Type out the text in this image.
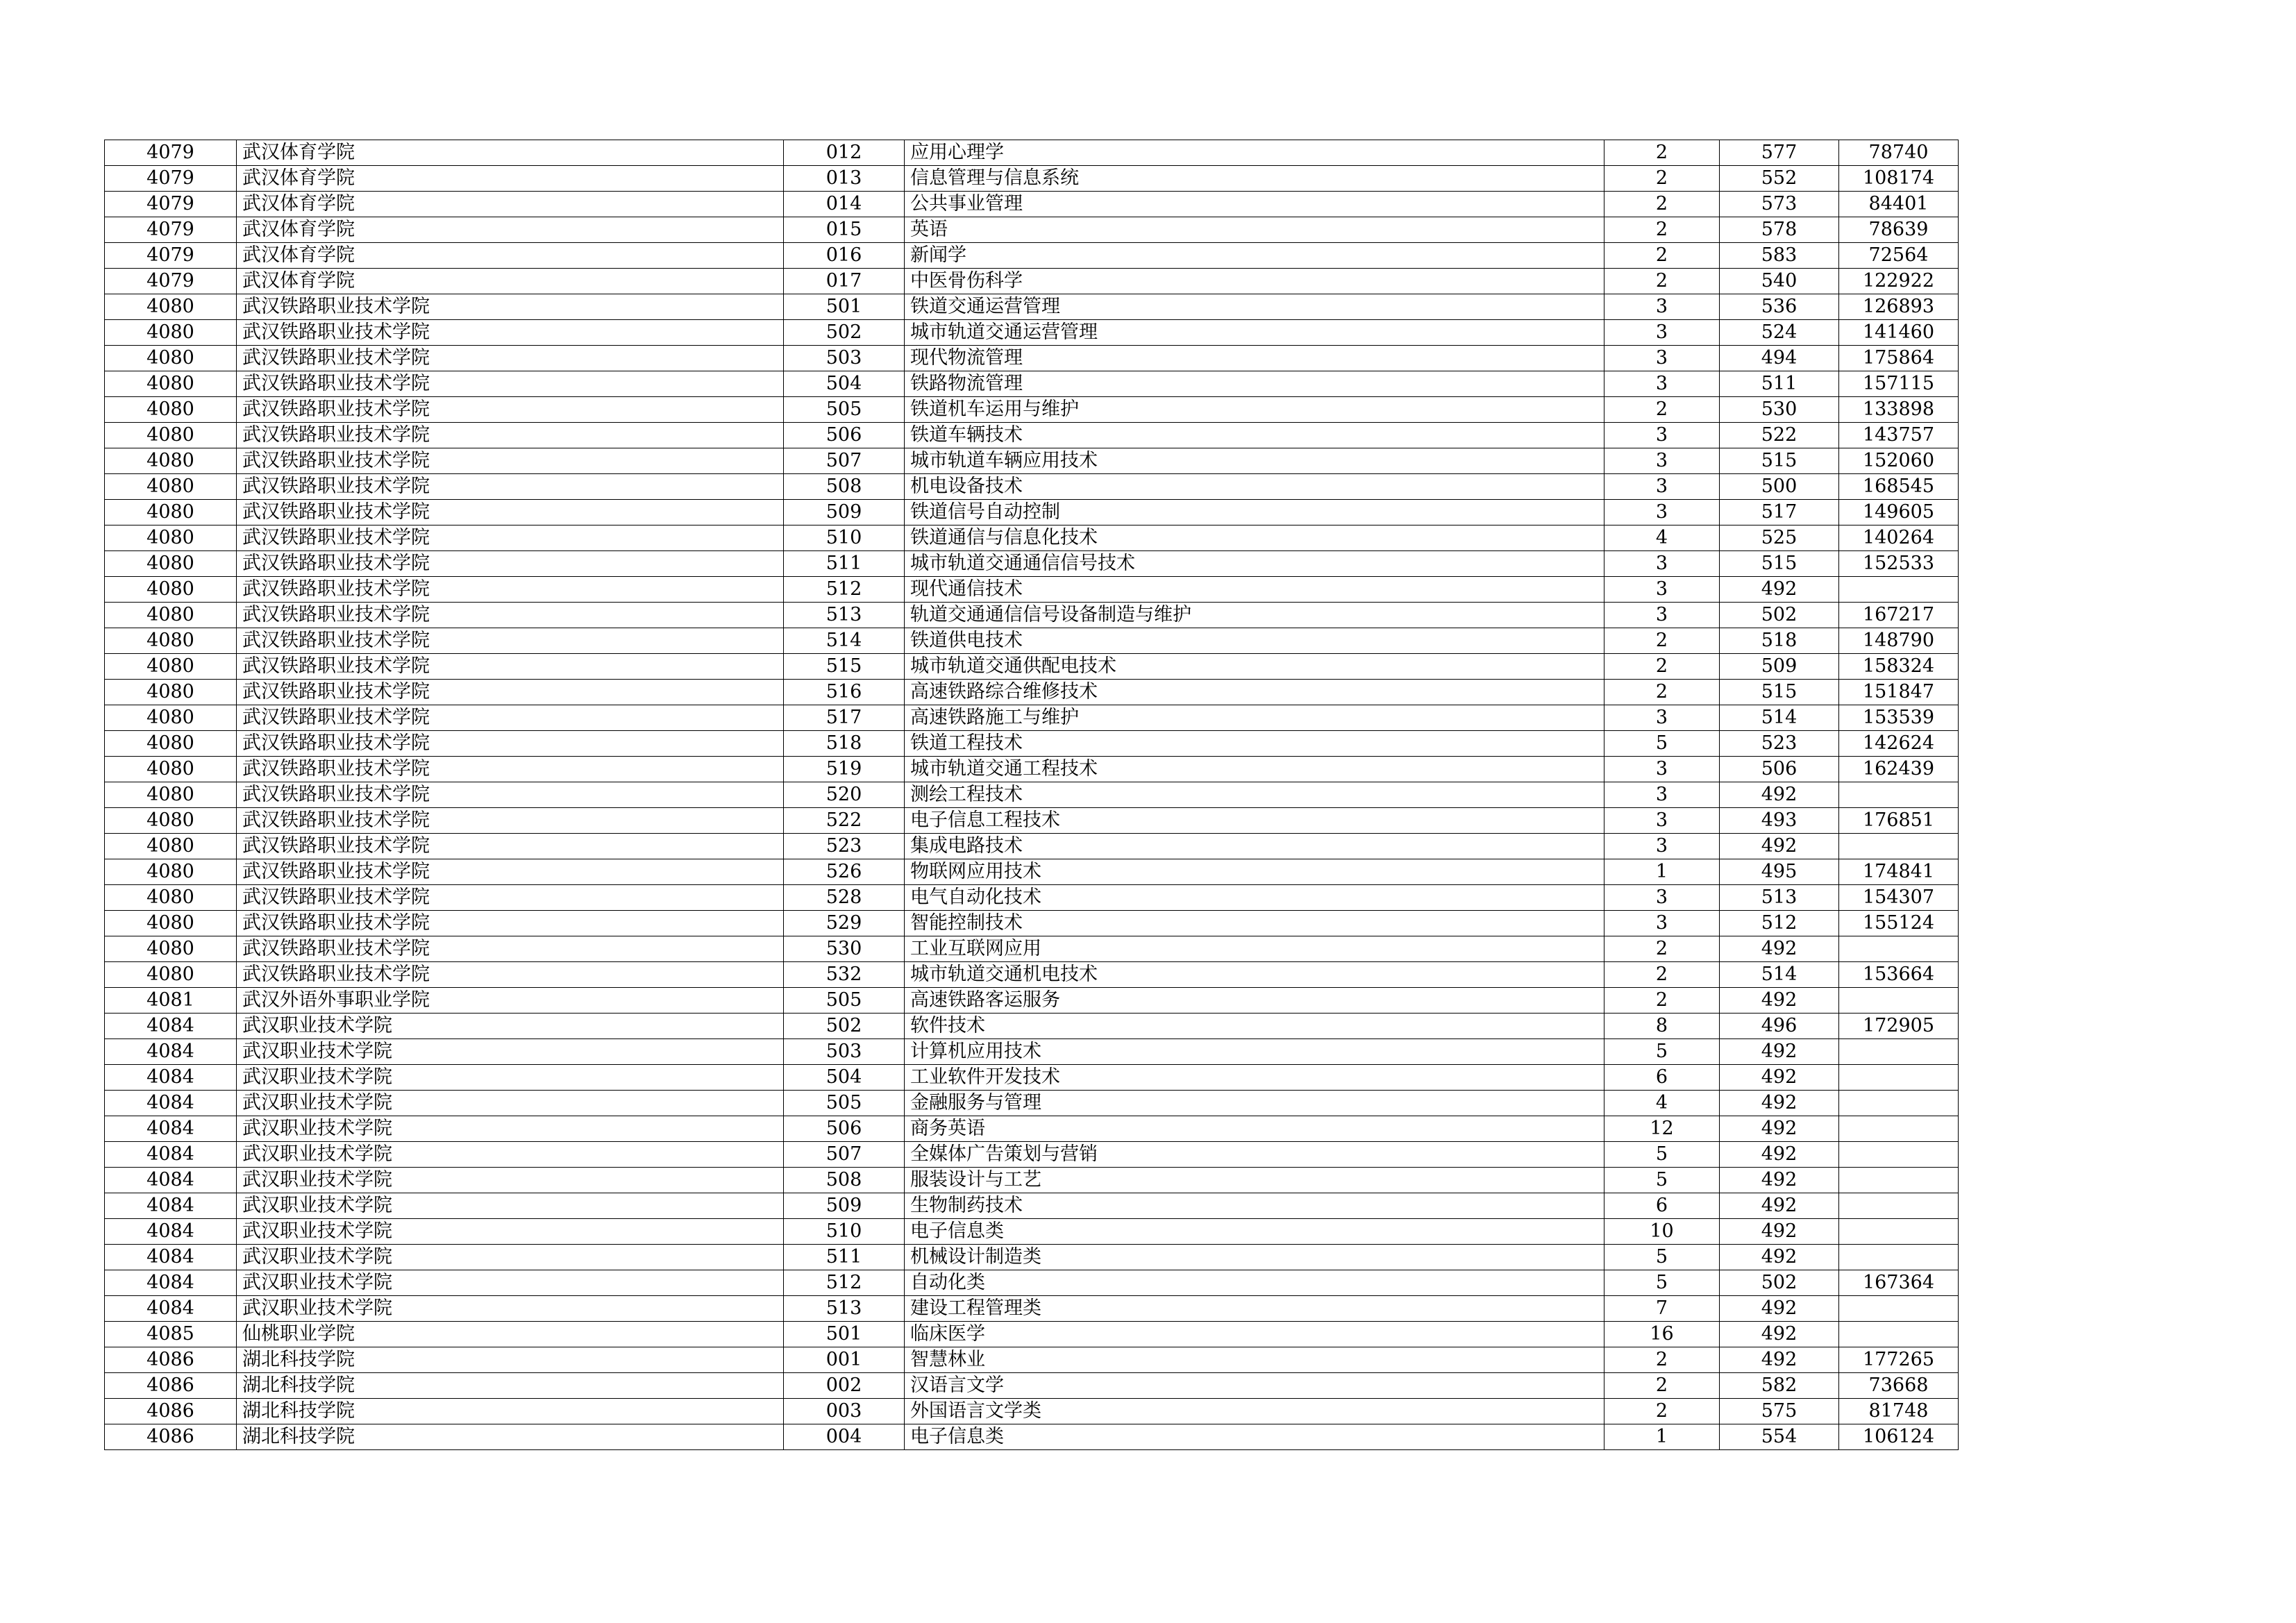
4079	武汉体育学院	012	应用心理学	2	577	78740
4079	武汉体育学院	013	信息管理与信息系统	2	552	108174
4079	武汉体育学院	014	公共事业管理	2	573	84401
4079	武汉体育学院	015	英语	2	578	78639
4079	武汉体育学院	016	新闻学	2	583	72564
4079	武汉体育学院	017	中医骨伤科学	2	540	122922
4080	武汉铁路职业技术学院	501	铁道交通运营管理	3	536	126893
4080	武汉铁路职业技术学院	502	城市轨道交通运营管理	3	524	141460
4080	武汉铁路职业技术学院	503	现代物流管理	3	494	175864
4080	武汉铁路职业技术学院	504	铁路物流管理	3	511	157115
4080	武汉铁路职业技术学院	505	铁道机车运用与维护	2	530	133898
4080	武汉铁路职业技术学院	506	铁道车辆技术	3	522	143757
4080	武汉铁路职业技术学院	507	城市轨道车辆应用技术	3	515	152060
4080	武汉铁路职业技术学院	508	机电设备技术	3	500	168545
4080	武汉铁路职业技术学院	509	铁道信号自动控制	3	517	149605
4080	武汉铁路职业技术学院	510	铁道通信与信息化技术	4	525	140264
4080	武汉铁路职业技术学院	511	城市轨道交通通信信号技术	3	515	152533
4080	武汉铁路职业技术学院	512	现代通信技术	3	492	
4080	武汉铁路职业技术学院	513	轨道交通通信信号设备制造与维护	3	502	167217
4080	武汉铁路职业技术学院	514	铁道供电技术	2	518	148790
4080	武汉铁路职业技术学院	515	城市轨道交通供配电技术	2	509	158324
4080	武汉铁路职业技术学院	516	高速铁路综合维修技术	2	515	151847
4080	武汉铁路职业技术学院	517	高速铁路施工与维护	3	514	153539
4080	武汉铁路职业技术学院	518	铁道工程技术	5	523	142624
4080	武汉铁路职业技术学院	519	城市轨道交通工程技术	3	506	162439
4080	武汉铁路职业技术学院	520	测绘工程技术	3	492	
4080	武汉铁路职业技术学院	522	电子信息工程技术	3	493	176851
4080	武汉铁路职业技术学院	523	集成电路技术	3	492	
4080	武汉铁路职业技术学院	526	物联网应用技术	1	495	174841
4080	武汉铁路职业技术学院	528	电气自动化技术	3	513	154307
4080	武汉铁路职业技术学院	529	智能控制技术	3	512	155124
4080	武汉铁路职业技术学院	530	工业互联网应用	2	492	
4080	武汉铁路职业技术学院	532	城市轨道交通机电技术	2	514	153664
4081	武汉外语外事职业学院	505	高速铁路客运服务	2	492	
4084	武汉职业技术学院	502	软件技术	8	496	172905
4084	武汉职业技术学院	503	计算机应用技术	5	492	
4084	武汉职业技术学院	504	工业软件开发技术	6	492	
4084	武汉职业技术学院	505	金融服务与管理	4	492	
4084	武汉职业技术学院	506	商务英语	12	492	
4084	武汉职业技术学院	507	全媒体广告策划与营销	5	492	
4084	武汉职业技术学院	508	服装设计与工艺	5	492	
4084	武汉职业技术学院	509	生物制药技术	6	492	
4084	武汉职业技术学院	510	电子信息类	10	492	
4084	武汉职业技术学院	511	机械设计制造类	5	492	
4084	武汉职业技术学院	512	自动化类	5	502	167364
4084	武汉职业技术学院	513	建设工程管理类	7	492	
4085	仙桃职业学院	501	临床医学	16	492	
4086	湖北科技学院	001	智慧林业	2	492	177265
4086	湖北科技学院	002	汉语言文学	2	582	73668
4086	湖北科技学院	003	外国语言文学类	2	575	81748
4086	湖北科技学院	004	电子信息类	1	554	106124
